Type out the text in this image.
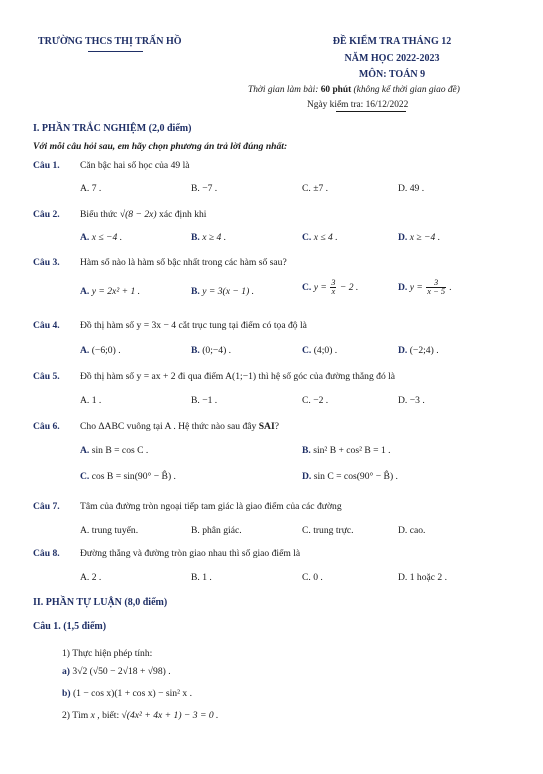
TRƯỜNG THCS THỊ TRẤN HỒ	ĐỀ KIỂM TRA THÁNG 12
NĂM HỌC 2022-2023
MÔN: TOÁN 9
Thời gian làm bài: 60 phút (không kể thời gian giao đề)
Ngày kiểm tra: 16/12/2022
I. PHẦN TRẮC NGHIỆM (2,0 điểm)
Với mỗi câu hỏi sau, em hãy chọn phương án trả lời đúng nhất:
Câu 1. Căn bậc hai số học của 49 là
A. 7 .	B. −7 .	C. ±7 .	D. 49 .
Câu 2. Biểu thức √(8 − 2x) xác định khi
A. x ≤ −4 .	B. x ≥ 4 .	C. x ≤ 4 .	D. x ≥ −4 .
Câu 3. Hàm số nào là hàm số bậc nhất trong các hàm số sau?
A. y = 2x² + 1 .	B. y = 3(x − 1) .	C. $y = \frac{3}{x} - 2$ .	D. $y = \frac{3}{x - 5}$ .
Câu 4. Đồ thị hàm số y = 3x − 4 cắt trục tung tại điểm có tọa độ là
A. (−6;0) .	B. (0;−4) .	C. (4;0) .	D. (−2;4) .
Câu 5. Đồ thị hàm số y = ax + 2 đi qua điểm A(1;−1) thì hệ số góc của đường thẳng đó là
A. 1 .	B. −1 .	C. −2 .	D. −3 .
Câu 6. Cho ΔABC vuông tại A . Hệ thức nào sau đây SAI?
A. sin B = cos C .	B. sin² B + cos² B = 1 .
C. cos B = sin(90° − B̂) .	D. sin C = cos(90° − B̂) .
Câu 7. Tâm của đường tròn ngoại tiếp tam giác là giao điểm của các đường
A. trung tuyến.	B. phân giác.	C. trung trực.	D. cao.
Câu 8. Đường thẳng và đường tròn giao nhau thì số giao điểm là
A. 2 .	B. 1 .	C. 0 .	D. 1 hoặc 2 .
II. PHẦN TỰ LUẬN (8,0 điểm)
Câu 1. (1,5 điểm)
1) Thực hiện phép tính:
a) 3√2 (√50 − 2√18 + √98) .
b) (1 − cos x)(1 + cos x) − sin² x .
2) Tìm x , biết: √(4x² + 4x + 1) − 3 = 0 .
